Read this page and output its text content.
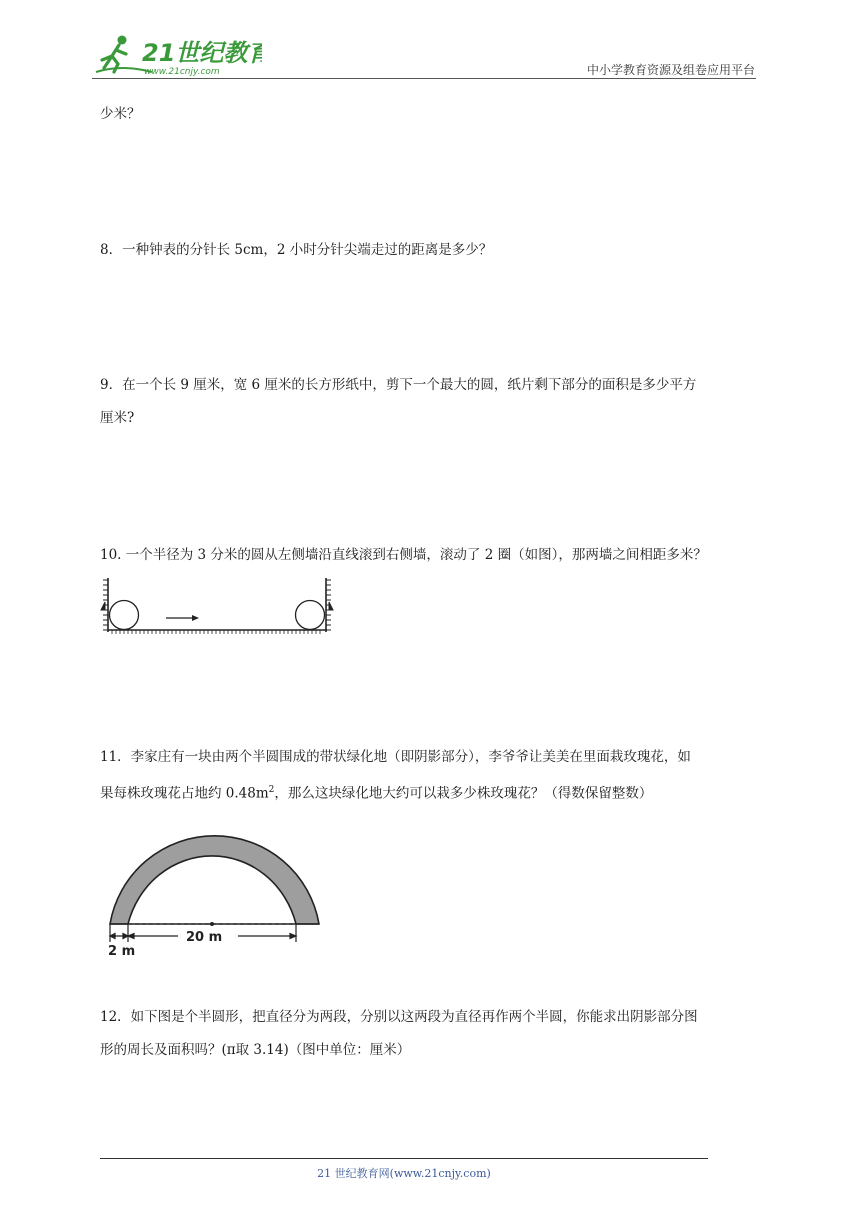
21世纪教育
www.21cnjy.com	中小学教育资源及组卷应用平台

少米？

8．一种钟表的分针长 5cm，2 小时分针尖端走过的距离是多少？

9．在一个长 9 厘米，宽 6 厘米的长方形纸中，剪下一个最大的圆，纸片剩下部分的面积是多少平方
厘米?

10. 一个半径为 3 分米的圆从左侧墙沿直线滚到右侧墙，滚动了 2 圈（如图），那两墙之间相距多米？

11．李家庄有一块由两个半圆围成的带状绿化地（即阴影部分），李爷爷让美美在里面栽玫瑰花，如
果每株玫瑰花占地约 $0.48m^2$，那么这块绿化地大约可以栽多少株玫瑰花？（得数保留整数）
2 m
20 m
12．如下图是个半圆形，把直径分为两段，分别以这两段为直径再作两个半圆，你能求出阴影部分图
形的周长及面积吗？(π取 3.14)（图中单位：厘米）
21 世纪教育网(www.21cnjy.com)
